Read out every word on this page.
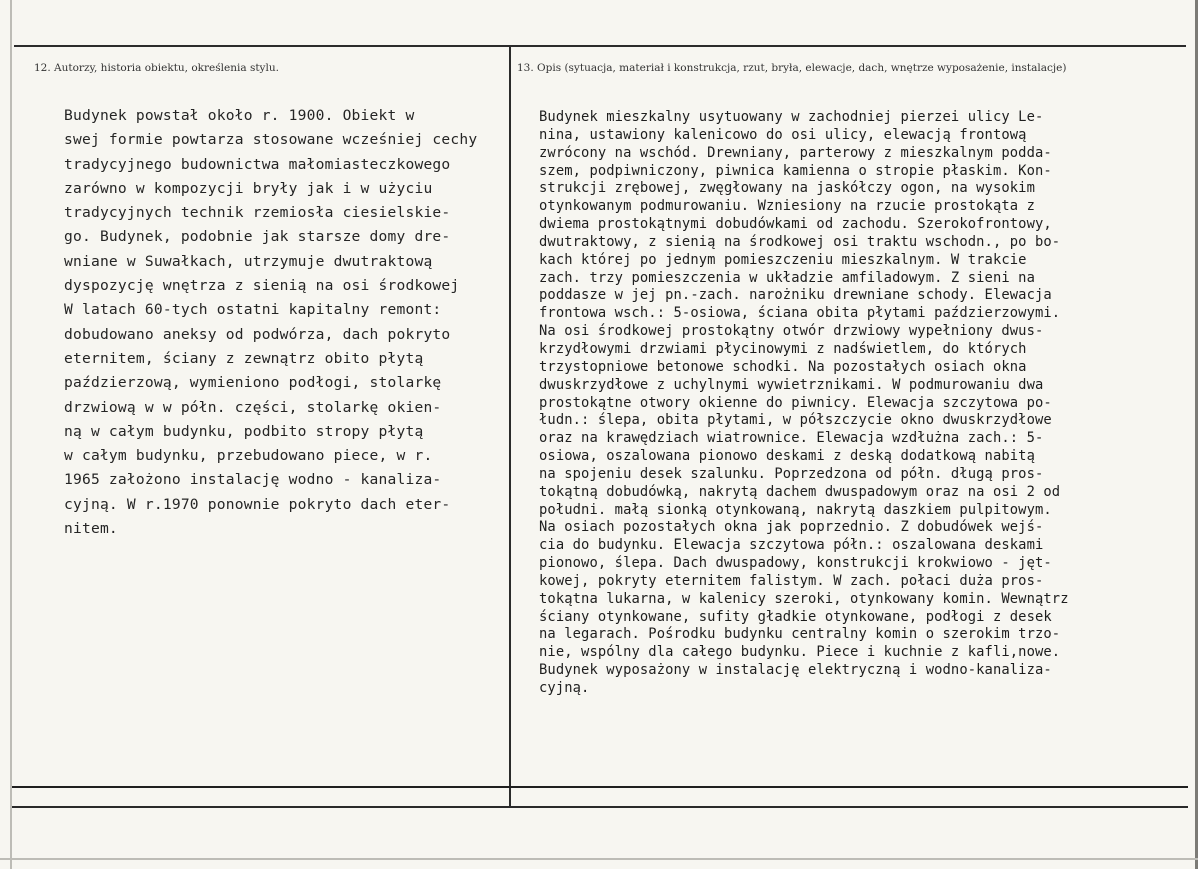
12. Autorzy, historia obiektu, określenia stylu.	13. Opis (sytuacja, materiał i konstrukcja, rzut, bryła, elewacje, dach, wnętrze wyposażenie, instalacje)
Budynek powstał około r. 1900. Obiekt w
swej formie powtarza stosowane wcześniej cechy
tradycyjnego budownictwa małomiasteczkowego
zarówno w kompozycji bryły jak i w użyciu
tradycyjnych technik rzemiosła ciesielskie-
go. Budynek, podobnie jak starsze domy dre-
wniane w Suwałkach, utrzymuje dwutraktową
dyspozycję wnętrza z sienią na osi środkowej
W latach 60-tych ostatni kapitalny remont:
dobudowano aneksy od podwórza, dach pokryto
eternitem, ściany z zewnątrz obito płytą
paździerzową, wymieniono podłogi, stolarkę
drzwiową w w półn. części, stolarkę okien-
ną w całym budynku, podbito stropy płytą
w całym budynku, przebudowano piece, w r.
1965 założono instalację wodno - kanaliza-
cyjną. W r.1970 ponownie pokryto dach eter-
nitem.
Budynek mieszkalny usytuowany w zachodniej pierzei ulicy Le-
nina, ustawiony kalenicowo do osi ulicy, elewacją frontową
zwrócony na wschód. Drewniany, parterowy z mieszkalnym podda-
szem, podpiwniczony, piwnica kamienna o stropie płaskim. Kon-
strukcji zrębowej, zwęgłowany na jaskółczy ogon, na wysokim
otynkowanym podmurowaniu. Wzniesiony na rzucie prostokąta z
dwiema prostokątnymi dobudówkami od zachodu. Szerokofrontowy,
dwutraktowy, z sienią na środkowej osi traktu wschodn., po bo-
kach której po jednym pomieszczeniu mieszkalnym. W trakcie
zach. trzy pomieszczenia w układzie amfiladowym. Z sieni na
poddasze w jej pn.-zach. narożniku drewniane schody. Elewacja
frontowa wsch.: 5-osiowa, ściana obita płytami paździerzowymi.
Na osi środkowej prostokątny otwór drzwiowy wypełniony dwus-
krzydłowymi drzwiami płycinowymi z nadświetlem, do których
trzystopniowe betonowe schodki. Na pozostałych osiach okna
dwuskrzydłowe z uchylnymi wywietrznikami. W podmurowaniu dwa
prostokątne otwory okienne do piwnicy. Elewacja szczytowa po-
łudn.: ślepa, obita płytami, w półszczycie okno dwuskrzydłowe
oraz na krawędziach wiatrownice. Elewacja wzdłużna zach.: 5-
osiowa, oszalowana pionowo deskami z deską dodatkową nabitą
na spojeniu desek szalunku. Poprzedzona od półn. długą pros-
tokątną dobudówką, nakrytą dachem dwuspadowym oraz na osi 2 od
południ. małą sionką otynkowaną, nakrytą daszkiem pulpitowym.
Na osiach pozostałych okna jak poprzednio. Z dobudówek wejś-
cia do budynku. Elewacja szczytowa półn.: oszalowana deskami
pionowo, ślepa. Dach dwuspadowy, konstrukcji krokwiowo - jęt-
kowej, pokryty eternitem falistym. W zach. połaci duża pros-
tokątna lukarna, w kalenicy szeroki, otynkowany komin. Wewnątrz
ściany otynkowane, sufity gładkie otynkowane, podłogi z desek
na legarach. Pośrodku budynku centralny komin o szerokim trzo-
nie, wspólny dla całego budynku. Piece i kuchnie z kafli,nowe.
Budynek wyposażony w instalację elektryczną i wodno-kanaliza-
cyjną.
